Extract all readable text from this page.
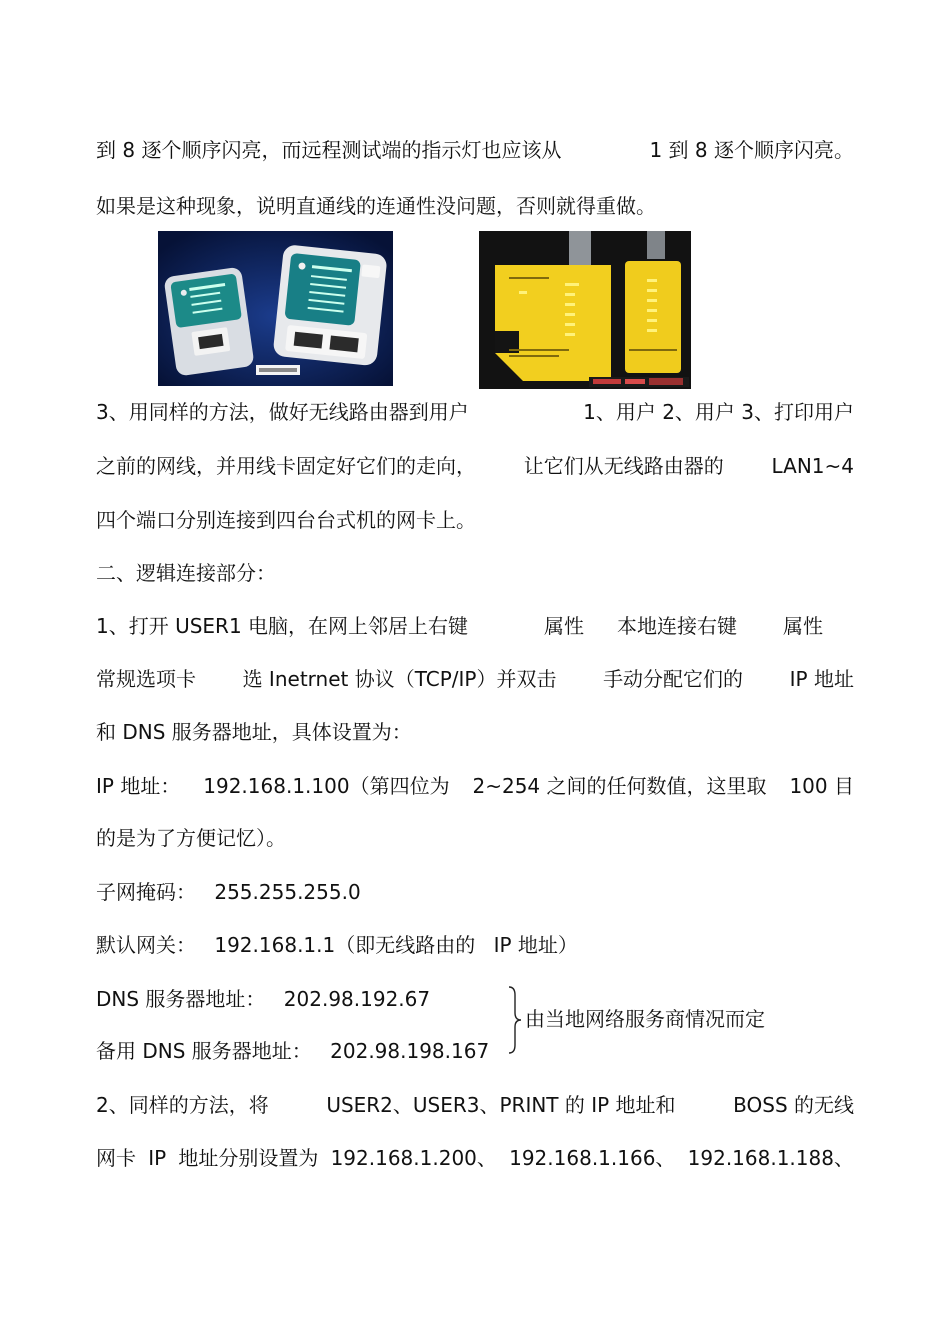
到 8 逐个顺序闪亮，而远程测试端的指示灯也应该从	1 到 8 逐个顺序闪亮。
如果是这种现象，说明直通线的连通性没问题，否则就得重做。
3、用同样的方法，做好无线路由器到用户	1、用户 2、用户 3、打印用户
之前的网线，并用线卡固定好它们的走向， 让它们从无线路由器的 LAN1~4
四个端口分别连接到四台台式机的网卡上。
二、逻辑连接部分：
1、打开 USER1 电脑，在网上邻居上右键	属性 本地连接右键 属性
常规选项卡 选 Inetrnet 协议（TCP/IP）并双击 手动分配它们的 IP 地址
和 DNS 服务器地址，具体设置为：
IP 地址： 192.168.1.100（第四位为 2~254 之间的任何数值，这里取 100 目
的是为了方便记忆）。
子网掩码： 255.255.255.0
默认网关： 192.168.1.1（即无线路由的 IP 地址）
DNS 服务器地址： 202.98.192.67
备用 DNS 服务器地址： 202.98.198.167
由当地网络服务商情况而定
2、同样的方法，将	USER2、USER3、PRINT 的 IP 地址和	BOSS 的无线
网卡 IP 地址分别设置为 192.168.1.200、 192.168.1.166、 192.168.1.188、
